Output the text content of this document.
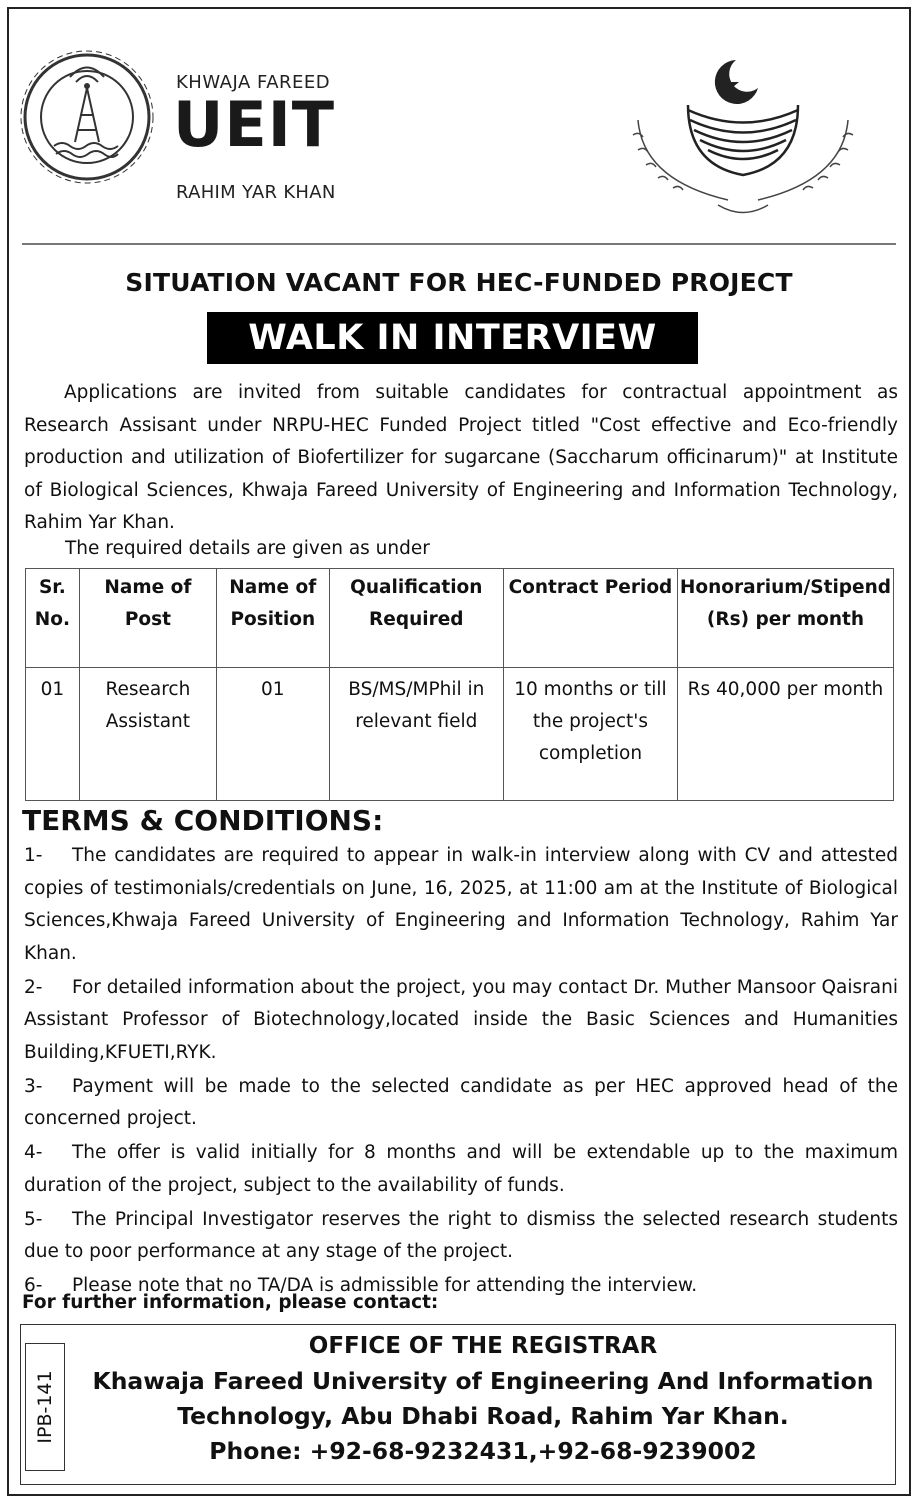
KHWAJA FAREED
UEIT
RAHIM YAR KHAN
SITUATION VACANT FOR HEC-FUNDED PROJECT
WALK IN INTERVIEW
Applications are invited from suitable candidates for contractual appointment as Research Assisant under NRPU-HEC Funded Project titled "Cost effective and Eco-friendly production and utilization of Biofertilizer for sugarcane (Saccharum officinarum)" at Institute of Biological Sciences, Khwaja Fareed University of Engineering and Information Technology, Rahim Yar Khan.
The required details are given as under
Sr. No.	Name of Post	Name of Position	Qualification Required	Contract Period	Honorarium/Stipend (Rs) per month
01	Research Assistant	01	BS/MS/MPhil in relevant field	10 months or till the project's completion	Rs 40,000 per month
TERMS & CONDITIONS:
1- The candidates are required to appear in walk-in interview along with CV and attested copies of testimonials/credentials on June, 16, 2025, at 11:00 am at the Institute of Biological Sciences,Khwaja Fareed University of Engineering and Information Technology, Rahim Yar Khan.
2- For detailed information about the project, you may contact Dr. Muther Mansoor Qaisrani Assistant Professor of Biotechnology,located inside the Basic Sciences and Humanities Building,KFUETI,RYK.
3- Payment will be made to the selected candidate as per HEC approved head of the concerned project.
4- The offer is valid initially for 8 months and will be extendable up to the maximum duration of the project, subject to the availability of funds.
5- The Principal Investigator reserves the right to dismiss the selected research students due to poor performance at any stage of the project.
6- Please note that no TA/DA is admissible for attending the interview.
For further information, please contact:
IPB-141
OFFICE OF THE REGISTRAR
Khawaja Fareed University of Engineering And Information
Technology, Abu Dhabi Road, Rahim Yar Khan.
Phone: +92-68-9232431,+92-68-9239002
